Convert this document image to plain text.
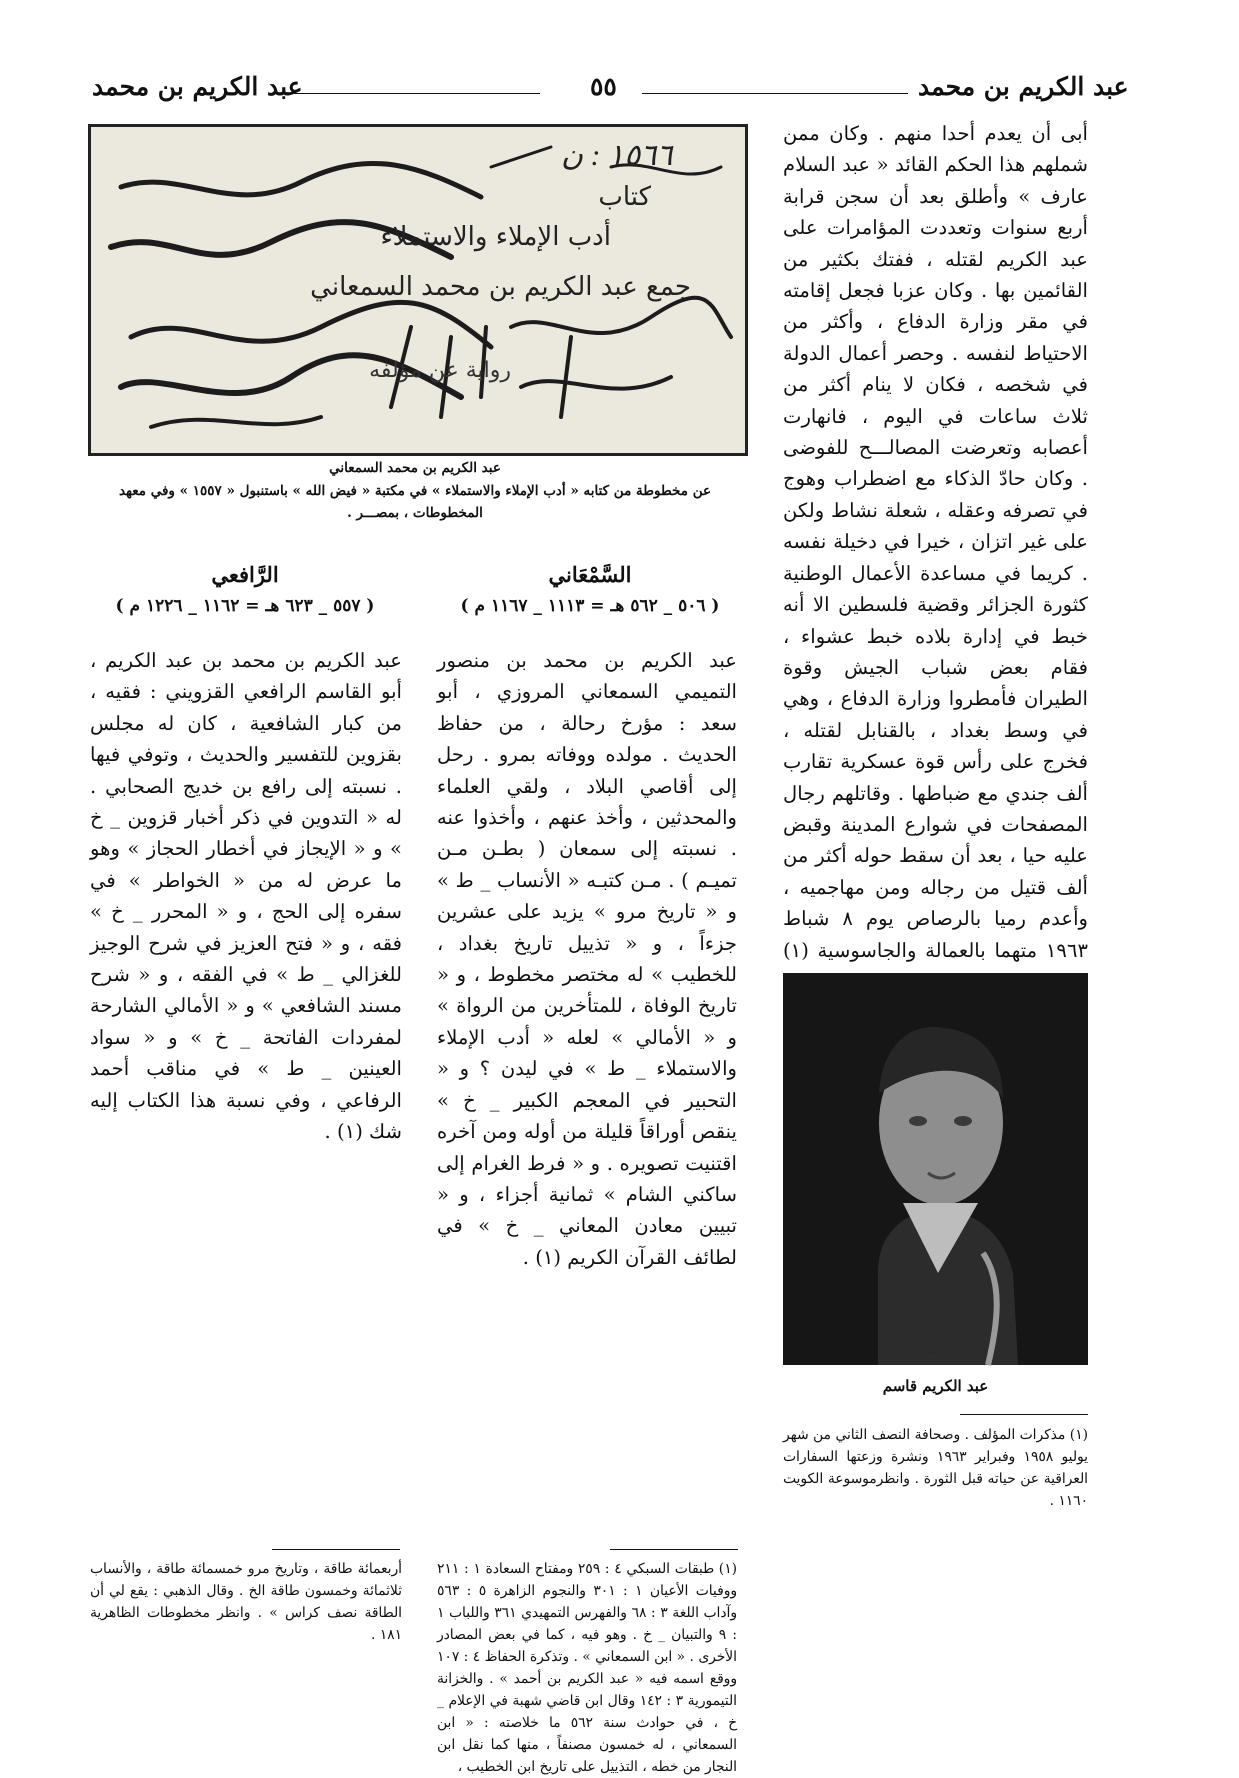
عبد الكريم بن محمد	٥٥	عبد الكريم بن محمد
أبى أن يعدم أحدا منهم . وكان ممن شملهم هذا الحكم القائد « عبد السلام عارف » وأطلق بعد أن سجن قرابة أربع سنوات وتعددت المؤامرات على عبد الكريم لقتله ، ففتك بكثير من القائمين بها . وكان عزبا فجعل إقامته في مقر وزارة الدفاع ، وأكثر من الاحتياط لنفسه . وحصر أعمال الدولة في شخصه ، فكان لا ينام أكثر من ثلاث ساعات في اليوم ، فانهارت أعصابه وتعرضت المصالـــح للفوضى . وكان حادّ الذكاء مع اضطراب وهوج في تصرفه وعقله ، شعلة نشاط ولكن على غير اتزان ، خيرا في دخيلة نفسه . كريما في مساعدة الأعمال الوطنية كثورة الجزائر وقضية فلسطين الا أنه خبط في إدارة بلاده خبط عشواء ، فقام بعض شباب الجيش وقوة الطيران فأمطروا وزارة الدفاع ، وهي في وسط بغداد ، بالقنابل لقتله ، فخرج على رأس قوة عسكرية تقارب ألف جندي مع ضباطها . وقاتلهم رجال المصفحات في شوارع المدينة وقبض عليه حيا ، بعد أن سقط حوله أكثر من ألف قتيل من رجاله ومن مهاجميه ، وأعدم رميا بالرصاص يوم ٨ شباط ١٩٦٣ متهما بالعمالة والجاسوسية (١)
١٥٦٦ : ن
كتاب
أدب الإملاء والاستملاء
جمع عبد الكريم بن محمد السمعاني
رواية عن مؤلفه
عبد الكريم بن محمد السمعاني
عن مخطوطة من كتابه « أدب الإملاء والاستملاء » في مكتبة « فيض الله » باستنبول « ١٥٥٧ » وفي معهد المخطوطات ، بمصـــر .
السَّمْعَاني
( ٥٠٦ _ ٥٦٢ هـ = ١١١٣ _ ١١٦٧ م )
عبد الكريم بن محمد بن منصور التميمي السمعاني المروزي ، أبو سعد : مؤرخ رحالة ، من حفاظ الحديث . مولده ووفاته بمرو . رحل إلى أقاصي البلاد ، ولقي العلماء والمحدثين ، وأخذ عنهم ، وأخذوا عنه . نسبته إلى سمعان ( بطـن مـن تميـم ) . مـن كتبـه « الأنساب _ ط » و « تاريخ مرو » يزيد على عشرين جزءاً ، و « تذييل تاريخ بغداد ، للخطيب » له مختصر مخطوط ، و « تاريخ الوفاة ، للمتأخرين من الرواة » و « الأمالي » لعله « أدب الإملاء والاستملاء _ ط » في ليدن ؟ و « التحبير في المعجم الكبير _ خ » ينقص أوراقاً قليلة من أوله ومن آخره اقتنيت تصويره . و « فرط الغرام إلى ساكني الشام » ثمانية أجزاء ، و « تبيين معادن المعاني _ خ » في لطائف القرآن الكريم (١) .
الرَّافعي
( ٥٥٧ _ ٦٢٣ هـ = ١١٦٢ _ ١٢٢٦ م )
عبد الكريم بن محمد بن عبد الكريم ، أبو القاسم الرافعي القزويني : فقيه ، من كبار الشافعية ، كان له مجلس بقزوين للتفسير والحديث ، وتوفي فيها . نسبته إلى رافع بن خديج الصحابي . له « التدوين في ذكر أخبار قزوين _ خ » و « الإيجاز في أخطار الحجاز » وهو ما عرض له من « الخواطر » في سفره إلى الحج ، و « المحرر _ خ » فقه ، و « فتح العزيز في شرح الوجيز للغزالي _ ط » في الفقه ، و « شرح مسند الشافعي » و « الأمالي الشارحة لمفردات الفاتحة _ خ » و « سواد العينين _ ط » في مناقب أحمد الرفاعي ، وفي نسبة هذا الكتاب إليه شك (١) .
صورة عبد الكريم قاسم
عبد الكريم قاسم
(١) مذكرات المؤلف . وصحافة النصف الثاني من شهر يوليو ١٩٥٨ وفبراير ١٩٦٣ ونشرة وزعتها السفارات العراقية عن حياته قبل الثورة . وانظرموسوعة الكويت ١١٦٠ .
(١) طبقات السبكي ٤ : ٢٥٩ ومفتاح السعادة ١ : ٢١١ ووفيات الأعيان ١ : ٣٠١ والنجوم الزاهرة ٥ : ٥٦٣ وآداب اللغة ٣ : ٦٨ والفهرس التمهيدي ٣٦١ واللباب ١ : ٩ والتبيان _ خ . وهو فيه ، كما في بعض المصادر الأخرى . « ابن السمعاني » . وتذكرة الحفاظ ٤ : ١٠٧ ووقع اسمه فيه « عبد الكريم بن أحمد » . والخزانة التيمورية ٣ : ١٤٢ وقال ابن قاضي شهبة في الإعلام _ خ ، في حوادث سنة ٥٦٢ ما خلاصته : « ابن السمعاني ، له خمسون مصنفاً ، منها كما نقل ابن النجار من خطه ، التذييل على تاريخ ابن الخطيب ،
أربعمائة طاقة ، وتاريخ مرو خمسمائة طاقة ، والأنساب ثلاثمائة وخمسون طاقة الخ . وقال الذهبي : يقع لي أن الطاقة نصف كراس » . وانظر مخطوطات الظاهرية ١٨١ .
